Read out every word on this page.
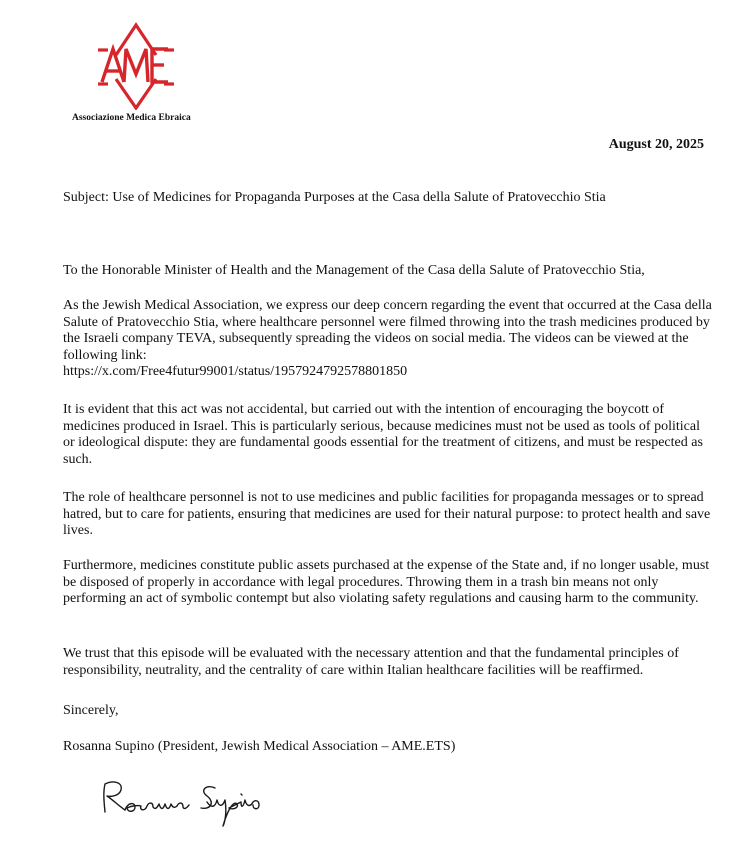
Associazione Medica Ebraica
August 20, 2025
Subject: Use of Medicines for Propaganda Purposes at the Casa della Salute of Pratovecchio Stia
To the Honorable Minister of Health and the Management of the Casa della Salute of Pratovecchio Stia,
As the Jewish Medical Association, we express our deep concern regarding the event that occurred at the Casa della Salute of Pratovecchio Stia, where healthcare personnel were filmed throwing into the trash medicines produced by the Israeli company TEVA, subsequently spreading the videos on social media. The videos can be viewed at the following link:
https://x.com/Free4futur99001/status/1957924792578801850
It is evident that this act was not accidental, but carried out with the intention of encouraging the boycott of medicines produced in Israel. This is particularly serious, because medicines must not be used as tools of political or ideological dispute: they are fundamental goods essential for the treatment of citizens, and must be respected as such.
The role of healthcare personnel is not to use medicines and public facilities for propaganda messages or to spread hatred, but to care for patients, ensuring that medicines are used for their natural purpose: to protect health and save lives.
Furthermore, medicines constitute public assets purchased at the expense of the State and, if no longer usable, must be disposed of properly in accordance with legal procedures. Throwing them in a trash bin means not only performing an act of symbolic contempt but also violating safety regulations and causing harm to the community.
We trust that this episode will be evaluated with the necessary attention and that the fundamental principles of responsibility, neutrality, and the centrality of care within Italian healthcare facilities will be reaffirmed.
Sincerely,
Rosanna Supino (President, Jewish Medical Association – AME.ETS)
